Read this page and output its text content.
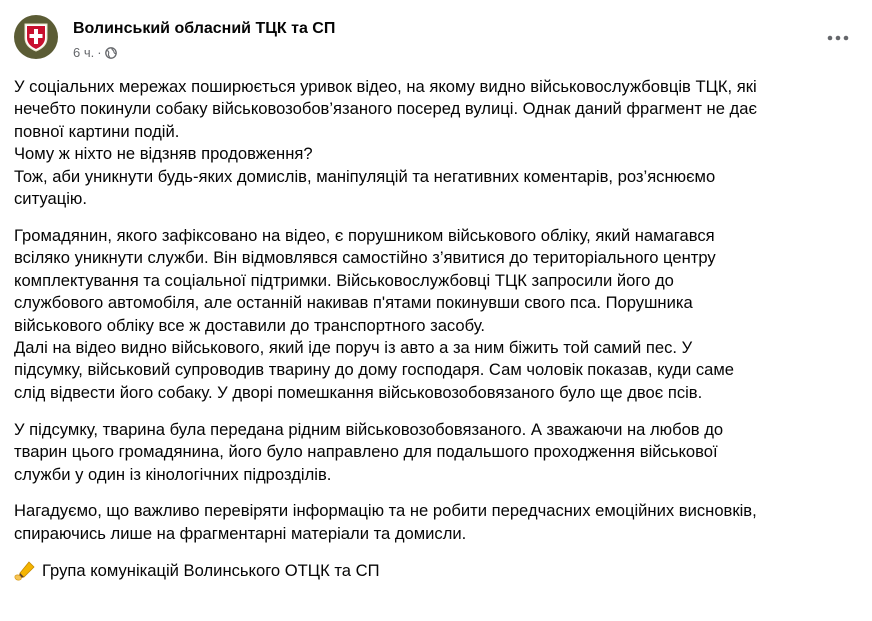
Волинський обласний ТЦК та СП
6 ч. ·
У соціальних мережах поширюється уривок відео, на якому видно військовослужбовців ТЦК, які
нечебто покинули собаку військовозобов’язаного посеред вулиці. Однак даний фрагмент не дає
повної картини подій.
Чому ж ніхто не відзняв продовження?
Тож, аби уникнути будь-яких домислів, маніпуляцій та негативних коментарів, роз’яснюємо
ситуацію.
Громадянин, якого зафіксовано на відео, є порушником військового обліку, який намагався
всіляко уникнути служби. Він відмовлявся самостійно з’явитися до територіального центру
комплектування та соціальної підтримки. Військовослужбовці ТЦК запросили його до
службового автомобіля, але останній накивав п'ятами покинувши свого пса. Порушника
військового обліку все ж доставили до транспортного засобу.
Далі на відео видно військового, який іде поруч із авто а за ним біжить той самий пес. У
підсумку, військовий супроводив тварину до дому господаря. Сам чоловік показав, куди саме
слід відвести його собаку. У дворі помешкання військовозобовязаного було ще двоє псів.
У підсумку, тварина була передана рідним військовозобовязаного. А зважаючи на любов до
тварин цього громадянина, його було направлено для подальшого проходження військової
служби у один із кінологічних підрозділів.
Нагадуємо, що важливо перевіряти інформацію та не робити передчасних емоційних висновків,
спираючись лише на фрагментарні матеріали та домисли.
Група комунікацій Волинського ОТЦК та СП
